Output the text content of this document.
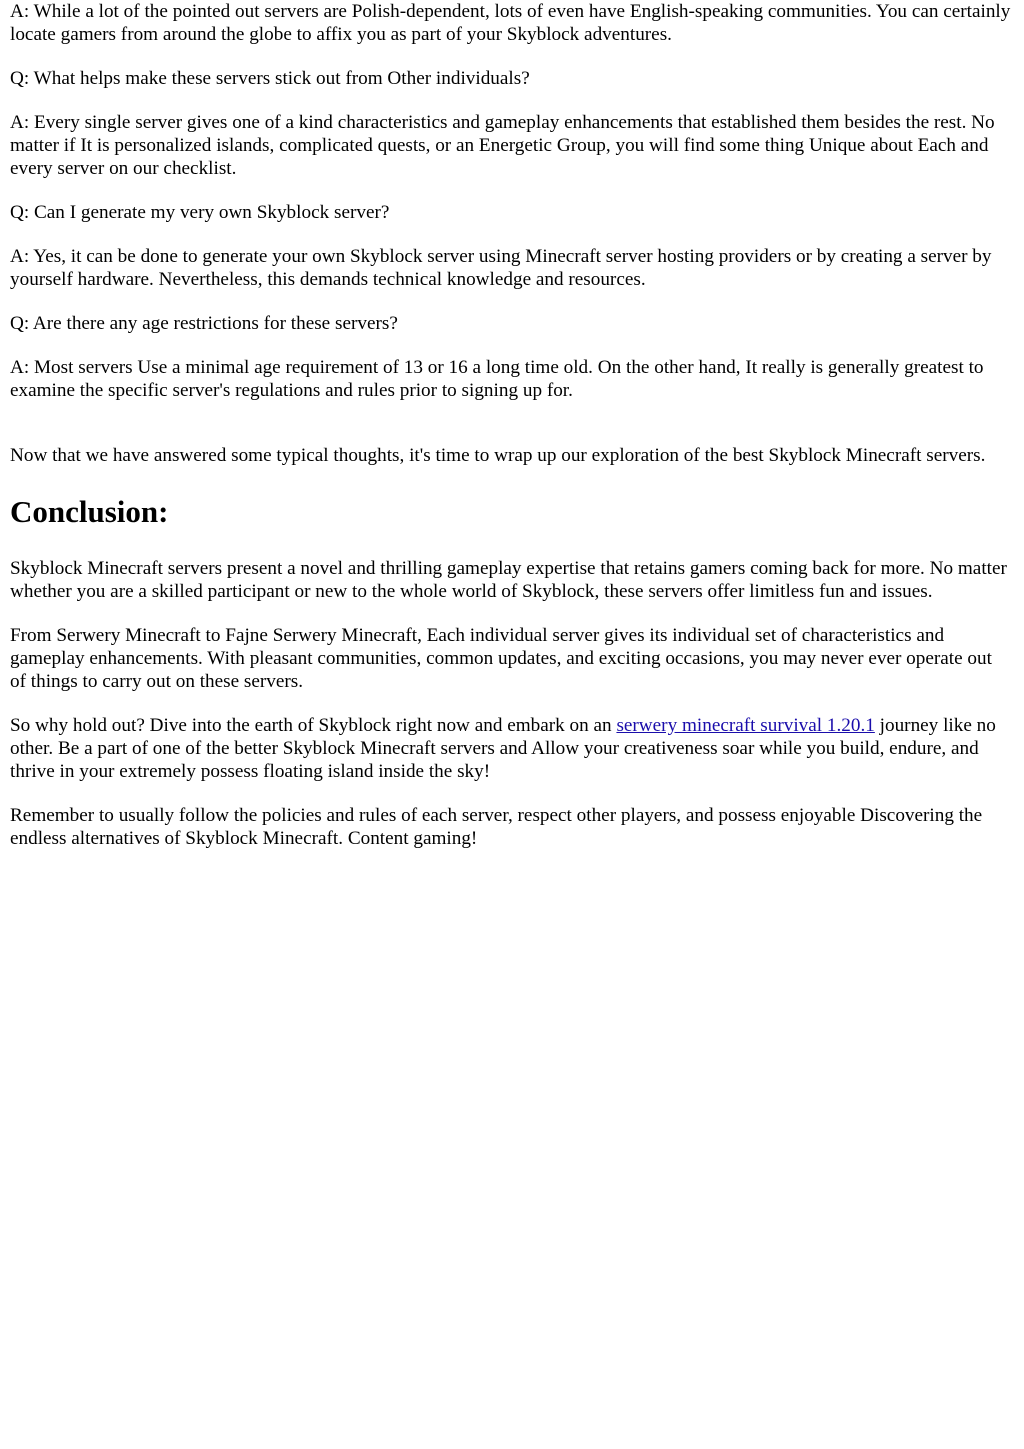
A: While a lot of the pointed out servers are Polish-dependent, lots of even have English-speaking communities. You can certainly locate gamers from around the globe to affix you as part of your Skyblock adventures.

Q: What helps make these servers stick out from Other individuals?

A: Every single server gives one of a kind characteristics and gameplay enhancements that established them besides the rest. No matter if It is personalized islands, complicated quests, or an Energetic Group, you will find some thing Unique about Each and every server on our checklist.

Q: Can I generate my very own Skyblock server?

A: Yes, it can be done to generate your own Skyblock server using Minecraft server hosting providers or by creating a server by yourself hardware. Nevertheless, this demands technical knowledge and resources.

Q: Are there any age restrictions for these servers?

A: Most servers Use a minimal age requirement of 13 or 16 a long time old. On the other hand, It really is generally greatest to examine the specific server's regulations and rules prior to signing up for.

Now that we have answered some typical thoughts, it's time to wrap up our exploration of the best Skyblock Minecraft servers.

Conclusion:

Skyblock Minecraft servers present a novel and thrilling gameplay expertise that retains gamers coming back for more. No matter whether you are a skilled participant or new to the whole world of Skyblock, these servers offer limitless fun and issues.

From Serwery Minecraft to Fajne Serwery Minecraft, Each individual server gives its individual set of characteristics and gameplay enhancements. With pleasant communities, common updates, and exciting occasions, you may never ever operate out of things to carry out on these servers.

So why hold out? Dive into the earth of Skyblock right now and embark on an serwery minecraft survival 1.20.1 journey like no other. Be a part of one of the better Skyblock Minecraft servers and Allow your creativeness soar while you build, endure, and thrive in your extremely possess floating island inside the sky!

Remember to usually follow the policies and rules of each server, respect other players, and possess enjoyable Discovering the endless alternatives of Skyblock Minecraft. Content gaming!
